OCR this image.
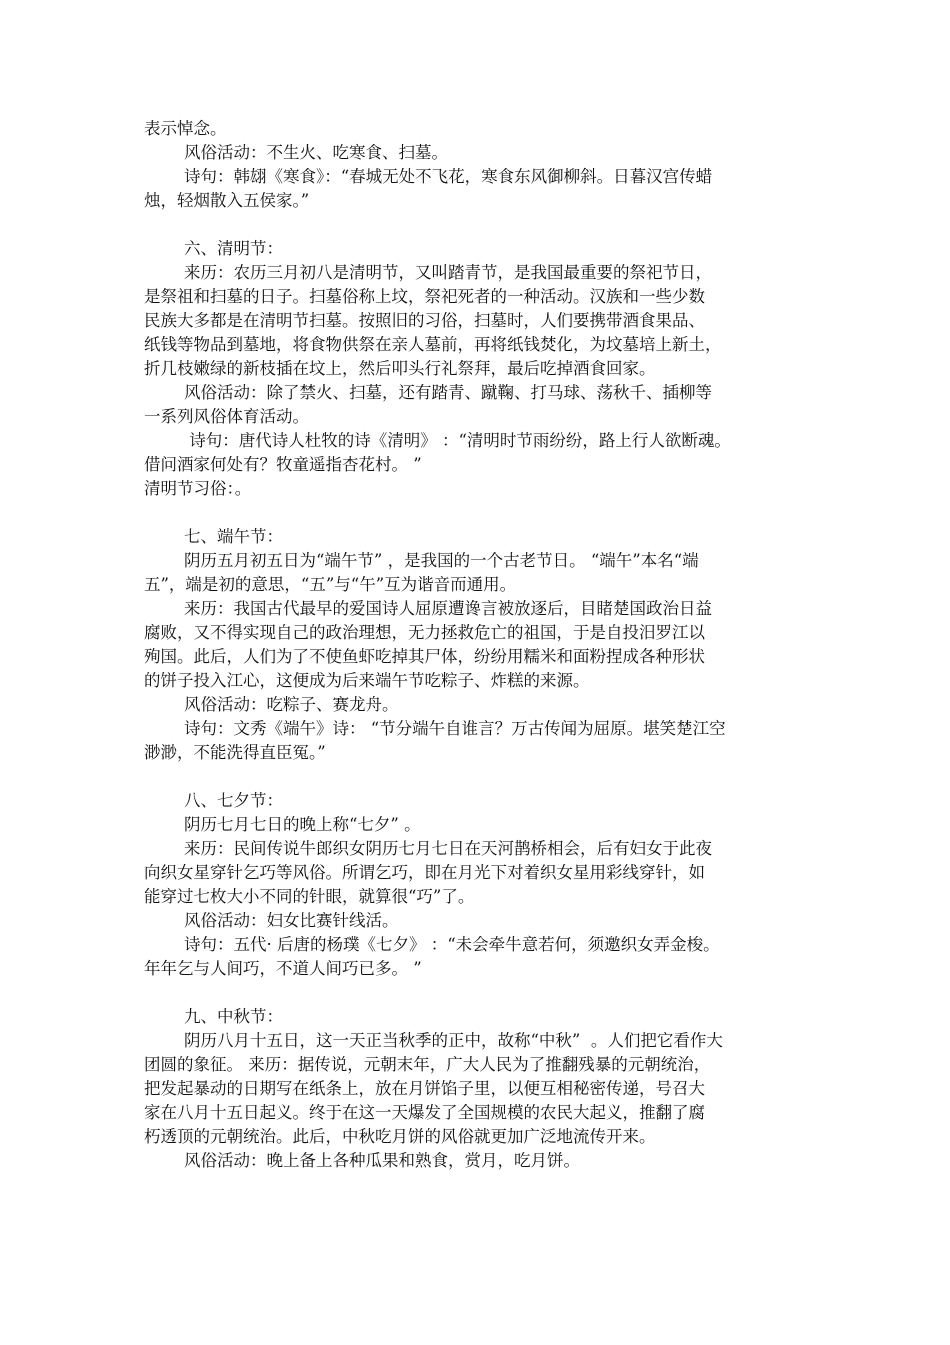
表示悼念。
风俗活动：不生火、吃寒食、扫墓。
诗句：韩翃《寒食》：“春城无处不飞花，寒食东风御柳斜。日暮汉宫传蜡
烛，轻烟散入五侯家。”
六、清明节：
来历：农历三月初八是清明节，又叫踏青节，是我国最重要的祭祀节日，
是祭祖和扫墓的日子。扫墓俗称上坟，祭祀死者的一种活动。汉族和一些少数
民族大多都是在清明节扫墓。按照旧的习俗，扫墓时，人们要携带酒食果品、
纸钱等物品到墓地，将食物供祭在亲人墓前，再将纸钱焚化，为坟墓培上新土，
折几枝嫩绿的新枝插在坟上，然后叩头行礼祭拜，最后吃掉酒食回家。
风俗活动：除了禁火、扫墓，还有踏青、蹴鞠、打马球、荡秋千、插柳等
一系列风俗体育活动。
诗句：唐代诗人杜牧的诗《清明》 ：“清明时节雨纷纷，路上行人欲断魂。
借问酒家何处有？牧童遥指杏花村。 ”
清明节习俗：。
七、端午节：
阴历五月初五日为“端午节” ，是我国的一个古老节日。 “端午”本名“端
五”，端是初的意思，“五”与“午”互为谐音而通用。
来历：我国古代最早的爱国诗人屈原遭谗言被放逐后，目睹楚国政治日益
腐败，又不得实现自己的政治理想，无力拯救危亡的祖国，于是自投汨罗江以
殉国。此后，人们为了不使鱼虾吃掉其尸体，纷纷用糯米和面粉捏成各种形状
的饼子投入江心，这便成为后来端午节吃粽子、炸糕的来源。
风俗活动：吃粽子、赛龙舟。
诗句：文秀《端午》诗： “节分端午自谁言？万古传闻为屈原。堪笑楚江空
渺渺，不能洗得直臣冤。”
八、七夕节：
阴历七月七日的晚上称“七夕” 。
来历：民间传说牛郎织女阴历七月七日在天河鹊桥相会，后有妇女于此夜
向织女星穿针乞巧等风俗。所谓乞巧，即在月光下对着织女星用彩线穿针，如
能穿过七枚大小不同的针眼，就算很“巧”了。
风俗活动：妇女比赛针线活。
诗句：五代· 后唐的杨璞《七夕》 ：“未会牵牛意若何，须邀织女弄金梭。
年年乞与人间巧，不道人间巧已多。 ”
九、中秋节：
阴历八月十五日，这一天正当秋季的正中，故称“中秋”  。人们把它看作大
团圆的象征。 来历：据传说，元朝末年，广大人民为了推翻残暴的元朝统治，
把发起暴动的日期写在纸条上，放在月饼馅子里，以便互相秘密传递，号召大
家在八月十五日起义。终于在这一天爆发了全国规模的农民大起义，推翻了腐
朽透顶的元朝统治。此后，中秋吃月饼的风俗就更加广泛地流传开来。
风俗活动：晚上备上各种瓜果和熟食，赏月，吃月饼。
